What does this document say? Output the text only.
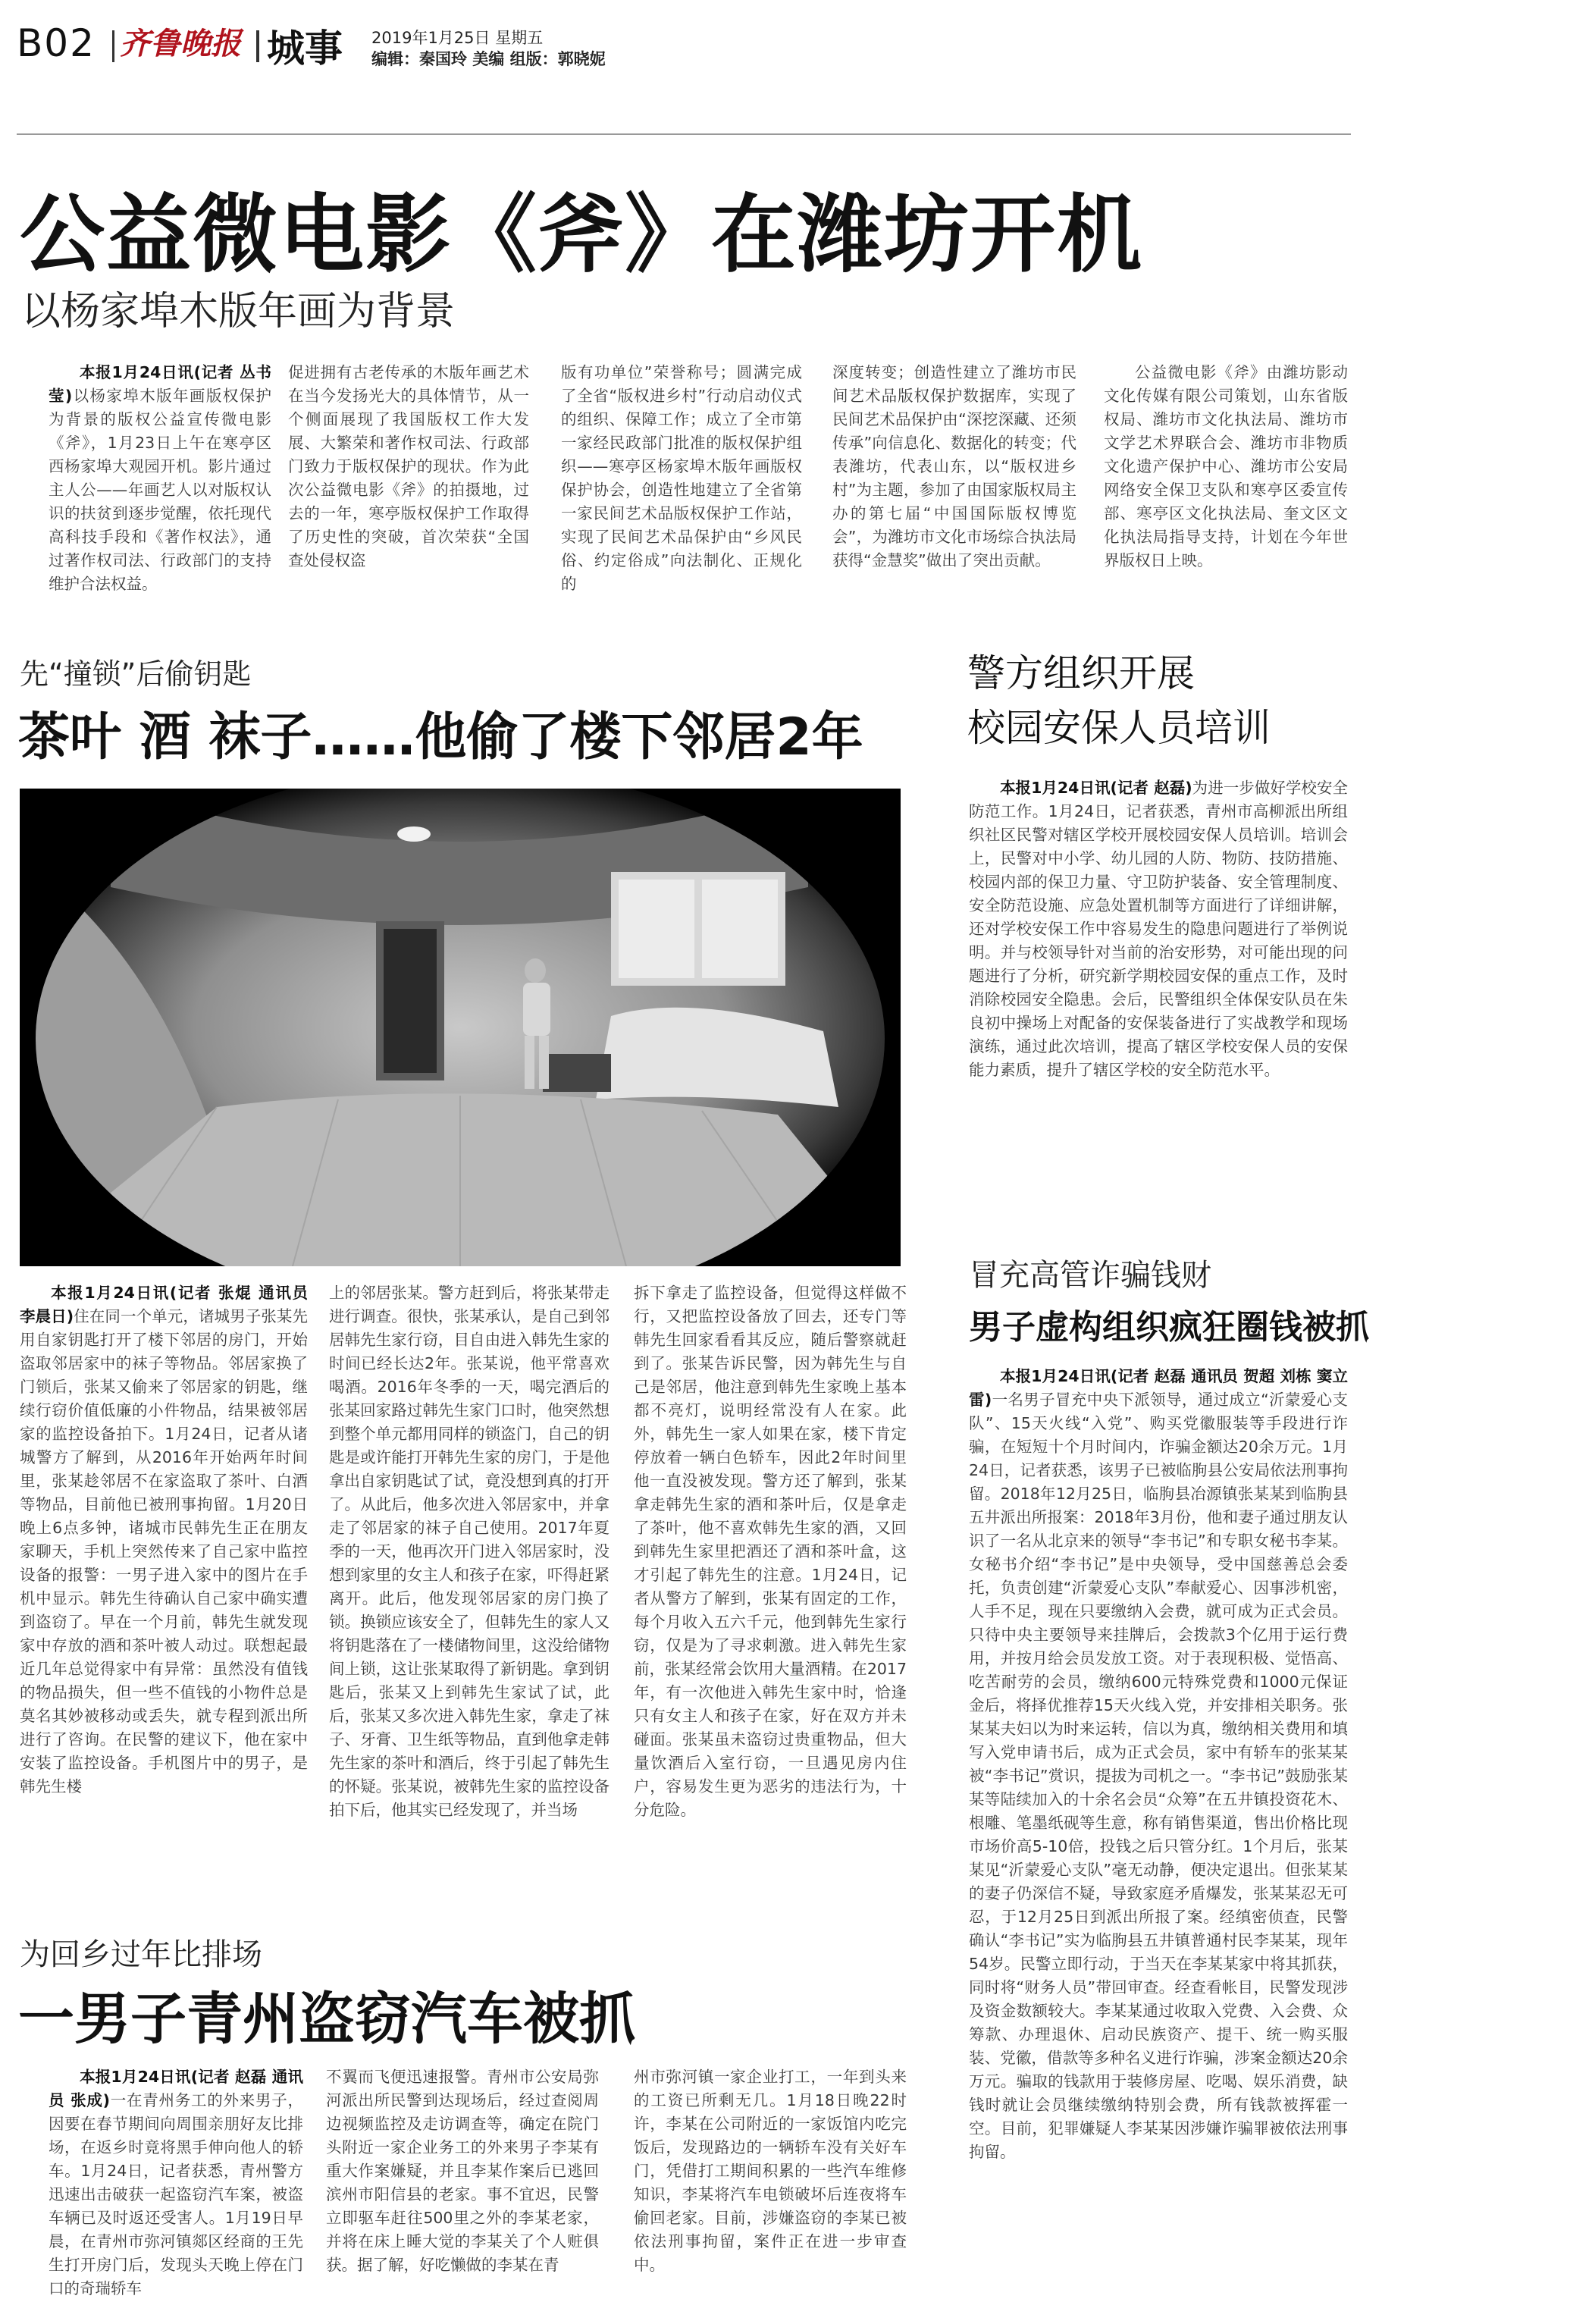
B02 齐鲁晚报 城事 2019年1月25日 星期五
编辑：秦国玲 美编 组版：郭晓妮
公益微电影《斧》在潍坊开机
以杨家埠木版年画为背景

本报1月24日讯(记者 丛书莹)以杨家埠木版年画版权保护为背景的版权公益宣传微电影《斧》，1月23日上午在寒亭区西杨家埠大观园开机。影片通过主人公——年画艺人以对版权认识的扶贫到逐步觉醒，依托现代高科技手段和《著作权法》，通过著作权司法、行政部门的支持维护合法权益。

促进拥有古老传承的木版年画艺术在当今发扬光大的具体情节，从一个侧面展现了我国版权工作大发展、大繁荣和著作权司法、行政部门致力于版权保护的现状。作为此次公益微电影《斧》的拍摄地，过去的一年，寒亭版权保护工作取得了历史性的突破，首次荣获“全国查处侵权盗

版有功单位”荣誉称号；圆满完成了全省“版权进乡村”行动启动仪式的组织、保障工作；成立了全市第一家经民政部门批准的版权保护组织——寒亭区杨家埠木版年画版权保护协会，创造性地建立了全省第一家民间艺术品版权保护工作站，实现了民间艺术品保护由“乡风民俗、约定俗成”向法制化、正规化的

深度转变；创造性建立了潍坊市民间艺术品版权保护数据库，实现了民间艺术品保护由“深挖深藏、还须传承”向信息化、数据化的转变；代表潍坊，代表山东，以“版权进乡村”为主题，参加了由国家版权局主办的第七届“中国国际版权博览会”，为潍坊市文化市场综合执法局获得“金慧奖”做出了突出贡献。

公益微电影《斧》由潍坊影动文化传媒有限公司策划，山东省版权局、潍坊市文化执法局、潍坊市文学艺术界联合会、潍坊市非物质文化遗产保护中心、潍坊市公安局网络安全保卫支队和寒亭区委宣传部、寒亭区文化执法局、奎文区文化执法局指导支持，计划在今年世界版权日上映。

先“撞锁”后偷钥匙
茶叶 酒 袜子……他偷了楼下邻居2年

本报1月24日讯(记者 张焜 通讯员 李晨日)住在同一个单元，诸城男子张某先用自家钥匙打开了楼下邻居的房门，开始盗取邻居家中的袜子等物品。邻居家换了门锁后，张某又偷来了邻居家的钥匙，继续行窃价值低廉的小件物品，结果被邻居家的监控设备拍下。1月24日，记者从诸城警方了解到，从2016年开始两年时间里，张某趁邻居不在家盗取了茶叶、白酒等物品，目前他已被刑事拘留。1月20日晚上6点多钟，诸城市民韩先生正在朋友家聊天，手机上突然传来了自己家中监控设备的报警：一男子进入家中的图片在手机中显示。韩先生待确认自己家中确实遭到盗窃了。早在一个月前，韩先生就发现家中存放的酒和茶叶被人动过。联想起最近几年总觉得家中有异常：虽然没有值钱的物品损失，但一些不值钱的小物件总是莫名其妙被移动或丢失，就专程到派出所进行了咨询。在民警的建议下，他在家中安装了监控设备。手机图片中的男子，是韩先生楼

上的邻居张某。警方赶到后，将张某带走进行调查。很快，张某承认，是自己到邻居韩先生家行窃，目自由进入韩先生家的时间已经长达2年。张某说，他平常喜欢喝酒。2016年冬季的一天，喝完酒后的张某回家路过韩先生家门口时，他突然想到整个单元都用同样的锁盗门，自己的钥匙是或许能打开韩先生家的房门，于是他拿出自家钥匙试了试，竟没想到真的打开了。从此后，他多次进入邻居家中，并拿走了邻居家的袜子自己使用。2017年夏季的一天，他再次开门进入邻居家时，没想到家里的女主人和孩子在家，吓得赶紧离开。此后，他发现邻居家的房门换了锁。换锁应该安全了，但韩先生的家人又将钥匙落在了一楼储物间里，这没给储物间上锁，这让张某取得了新钥匙。拿到钥匙后，张某又上到韩先生家试了试，此后，张某又多次进入韩先生家，拿走了袜子、牙膏、卫生纸等物品，直到他拿走韩先生家的茶叶和酒后，终于引起了韩先生的怀疑。张某说，被韩先生家的监控设备拍下后，他其实已经发现了，并当场

拆下拿走了监控设备，但觉得这样做不行，又把监控设备放了回去，还专门等韩先生回家看看其反应，随后警察就赶到了。张某告诉民警，因为韩先生与自己是邻居，他注意到韩先生家晚上基本都不亮灯，说明经常没有人在家。此外，韩先生一家人如果在家，楼下肯定停放着一辆白色轿车，因此2年时间里他一直没被发现。警方还了解到，张某拿走韩先生家的酒和茶叶后，仅是拿走了茶叶，他不喜欢韩先生家的酒，又回到韩先生家里把酒还了酒和茶叶盒，这才引起了韩先生的注意。1月24日，记者从警方了解到，张某有固定的工作，每个月收入五六千元，他到韩先生家行窃，仅是为了寻求刺激。进入韩先生家前，张某经常会饮用大量酒精。在2017年，有一次他进入韩先生家中时，恰逢只有女主人和孩子在家，好在双方并未碰面。张某虽未盗窃过贵重物品，但大量饮酒后入室行窃，一旦遇见房内住户，容易发生更为恶劣的违法行为，十分危险。

警方组织开展
校园安保人员培训

本报1月24日讯(记者 赵磊)为进一步做好学校安全防范工作。1月24日，记者获悉，青州市高柳派出所组织社区民警对辖区学校开展校园安保人员培训。培训会上，民警对中小学、幼儿园的人防、物防、技防措施、校园内部的保卫力量、守卫防护装备、安全管理制度、安全防范设施、应急处置机制等方面进行了详细讲解，还对学校安保工作中容易发生的隐患问题进行了举例说明。并与校领导针对当前的治安形势，对可能出现的问题进行了分析，研究新学期校园安保的重点工作，及时消除校园安全隐患。会后，民警组织全体保安队员在朱良初中操场上对配备的安保装备进行了实战教学和现场演练，通过此次培训，提高了辖区学校安保人员的安保能力素质，提升了辖区学校的安全防范水平。

冒充高管诈骗钱财
男子虚构组织疯狂圈钱被抓

本报1月24日讯(记者 赵磊 通讯员 贺超 刘栋 窦立雷)一名男子冒充中央下派领导，通过成立“沂蒙爱心支队”、15天火线“入党”、购买党徽服装等手段进行诈骗，在短短十个月时间内，诈骗金额达20余万元。1月24日，记者获悉，该男子已被临朐县公安局依法刑事拘留。2018年12月25日，临朐县冶源镇张某某到临朐县五井派出所报案：2018年3月份，他和妻子通过朋友认识了一名从北京来的领导“李书记”和专职女秘书李某。女秘书介绍“李书记”是中央领导，受中国慈善总会委托，负责创建“沂蒙爱心支队”奉献爱心、因事涉机密，人手不足，现在只要缴纳入会费，就可成为正式会员。只待中央主要领导来挂牌后，会拨款3个亿用于运行费用，并按月给会员发放工资。对于表现积极、觉悟高、吃苦耐劳的会员，缴纳600元特殊党费和1000元保证金后，将择优推荐15天火线入党，并安排相关职务。张某某夫妇以为时来运转，信以为真，缴纳相关费用和填写入党申请书后，成为正式会员，家中有轿车的张某某被“李书记”赏识，提拔为司机之一。“李书记”鼓励张某某等陆续加入的十余名会员“众筹”在五井镇投资花木、根雕、笔墨纸砚等生意，称有销售渠道，售出价格比现市场价高5-10倍，投钱之后只管分红。1个月后，张某某见“沂蒙爱心支队”毫无动静，便决定退出。但张某某的妻子仍深信不疑，导致家庭矛盾爆发，张某某忍无可忍，于12月25日到派出所报了案。经缜密侦查，民警确认“李书记”实为临朐县五井镇普通村民李某某，现年54岁。民警立即行动，于当天在李某某家中将其抓获，同时将“财务人员”带回审查。经查看帐目，民警发现涉及资金数额较大。李某某通过收取入党费、入会费、众筹款、办理退休、启动民族资产、提干、统一购买服装、党徽，借款等多种名义进行诈骗，涉案金额达20余万元。骗取的钱款用于装修房屋、吃喝、娱乐消费，缺钱时就让会员继续缴纳特别会费，所有钱款被挥霍一空。目前，犯罪嫌疑人李某某因涉嫌诈骗罪被依法刑事拘留。

为回乡过年比排场
一男子青州盗窃汽车被抓

本报1月24日讯(记者 赵磊 通讯员 张成)一在青州务工的外来男子，因要在春节期间向周围亲朋好友比排场，在返乡时竟将黑手伸向他人的轿车。1月24日，记者获悉，青州警方迅速出击破获一起盗窃汽车案，被盗车辆已及时返还受害人。1月19日早晨，在青州市弥河镇郯区经商的王先生打开房门后，发现头天晚上停在门口的奇瑞轿车

不翼而飞便迅速报警。青州市公安局弥河派出所民警到达现场后，经过查阅周边视频监控及走访调查等，确定在院门头附近一家企业务工的外来男子李某有重大作案嫌疑，并且李某作案后已逃回滨州市阳信县的老家。事不宜迟，民警立即驱车赶往500里之外的李某老家，并将在床上睡大觉的李某关了个人赃俱获。据了解，好吃懒做的李某在青

州市弥河镇一家企业打工，一年到头来的工资已所剩无几。1月18日晚22时许，李某在公司附近的一家饭馆内吃完饭后，发现路边的一辆轿车没有关好车门，凭借打工期间积累的一些汽车维修知识，李某将汽车电锁破坏后连夜将车偷回老家。目前，涉嫌盗窃的李某已被依法刑事拘留，案件正在进一步审查中。
